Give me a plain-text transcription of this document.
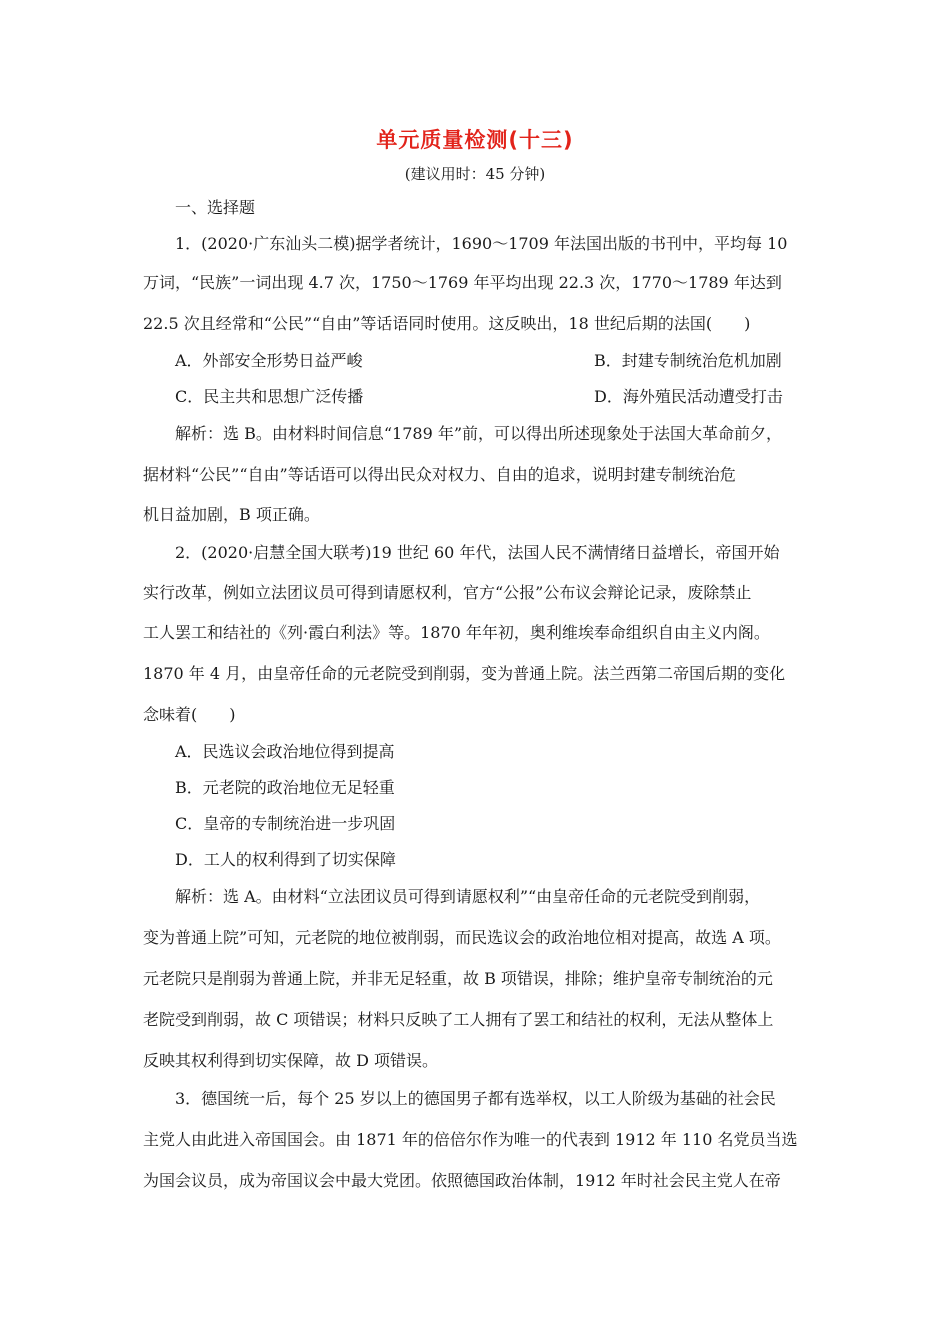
单元质量检测(十三)
(建议用时：45 分钟)
一、选择题
1．(2020·广东汕头二模)据学者统计，1690～1709 年法国出版的书刊中，平均每 10
万词，“民族”一词出现 4.7 次，1750～1769 年平均出现 22.3 次，1770～1789 年达到
22.5 次且经常和“公民”“自由”等话语同时使用。这反映出，18 世纪后期的法国(　　)
A．外部安全形势日益严峻	B．封建专制统治危机加剧
C．民主共和思想广泛传播	D．海外殖民活动遭受打击
解析：选 B。由材料时间信息“1789 年”前，可以得出所述现象处于法国大革命前夕，
据材料“公民”“自由”等话语可以得出民众对权力、自由的追求，说明封建专制统治危
机日益加剧，B 项正确。
2．(2020·启慧全国大联考)19 世纪 60 年代，法国人民不满情绪日益增长，帝国开始
实行改革，例如立法团议员可得到请愿权利，官方“公报”公布议会辩论记录，废除禁止
工人罢工和结社的《列·霞白利法》等。1870 年年初，奥利维埃奉命组织自由主义内阁。
1870 年 4 月，由皇帝任命的元老院受到削弱，变为普通上院。法兰西第二帝国后期的变化
念味着(　　)
A．民选议会政治地位得到提高
B．元老院的政治地位无足轻重
C．皇帝的专制统治进一步巩固
D．工人的权利得到了切实保障
解析：选 A。由材料“立法团议员可得到请愿权利”“由皇帝任命的元老院受到削弱，
变为普通上院”可知，元老院的地位被削弱，而民选议会的政治地位相对提高，故选 A 项。
元老院只是削弱为普通上院，并非无足轻重，故 B 项错误，排除；维护皇帝专制统治的元
老院受到削弱，故 C 项错误；材料只反映了工人拥有了罢工和结社的权利，无法从整体上
反映其权利得到切实保障，故 D 项错误。
3．德国统一后，每个 25 岁以上的德国男子都有选举权，以工人阶级为基础的社会民
主党人由此进入帝国国会。由 1871 年的倍倍尔作为唯一的代表到 1912 年 110 名党员当选
为国会议员，成为帝国议会中最大党团。依照德国政治体制，1912 年时社会民主党人在帝
